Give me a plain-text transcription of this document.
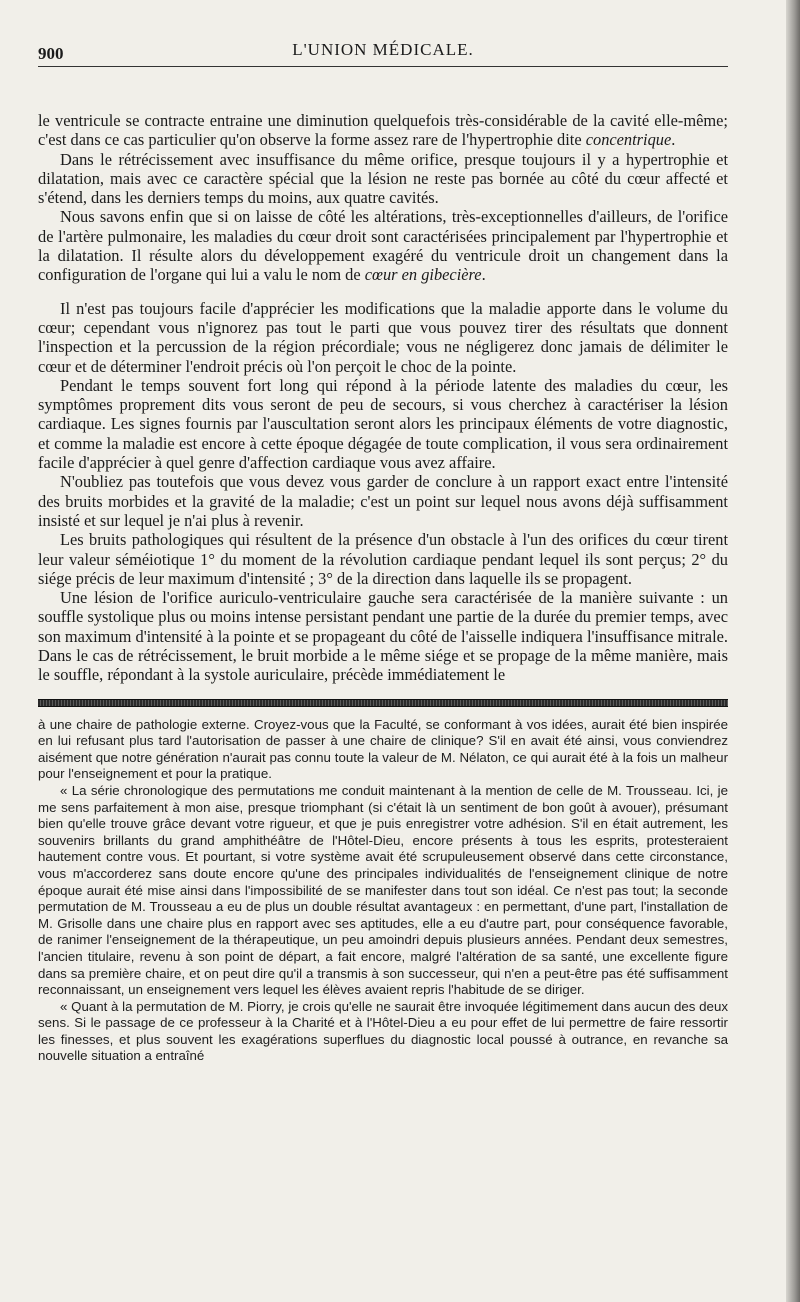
900	L'UNION MÉDICALE.

le ventricule se contracte entraine une diminution quelquefois très-considérable de la cavité elle-même; c'est dans ce cas particulier qu'on observe la forme assez rare de l'hypertrophie dite concentrique.

Dans le rétrécissement avec insuffisance du même orifice, presque toujours il y a hypertrophie et dilatation, mais avec ce caractère spécial que la lésion ne reste pas bornée au côté du cœur affecté et s'étend, dans les derniers temps du moins, aux quatre cavités.

Nous savons enfin que si on laisse de côté les altérations, très-exceptionnelles d'ailleurs, de l'orifice de l'artère pulmonaire, les maladies du cœur droit sont caractérisées principalement par l'hypertrophie et la dilatation. Il résulte alors du développement exagéré du ventricule droit un changement dans la configuration de l'organe qui lui a valu le nom de cœur en gibecière.

Il n'est pas toujours facile d'apprécier les modifications que la maladie apporte dans le volume du cœur; cependant vous n'ignorez pas tout le parti que vous pouvez tirer des résultats que donnent l'inspection et la percussion de la région précordiale; vous ne négligerez donc jamais de délimiter le cœur et de déterminer l'endroit précis où l'on perçoit le choc de la pointe.

Pendant le temps souvent fort long qui répond à la période latente des maladies du cœur, les symptômes proprement dits vous seront de peu de secours, si vous cherchez à caractériser la lésion cardiaque. Les signes fournis par l'auscultation seront alors les principaux éléments de votre diagnostic, et comme la maladie est encore à cette époque dégagée de toute complication, il vous sera ordinairement facile d'apprécier à quel genre d'affection cardiaque vous avez affaire.

N'oubliez pas toutefois que vous devez vous garder de conclure à un rapport exact entre l'intensité des bruits morbides et la gravité de la maladie; c'est un point sur lequel nous avons déjà suffisamment insisté et sur lequel je n'ai plus à revenir.

Les bruits pathologiques qui résultent de la présence d'un obstacle à l'un des orifices du cœur tirent leur valeur séméiotique 1° du moment de la révolution cardiaque pendant lequel ils sont perçus; 2° du siége précis de leur maximum d'intensité ; 3° de la direction dans laquelle ils se propagent.

Une lésion de l'orifice auriculo-ventriculaire gauche sera caractérisée de la manière suivante : un souffle systolique plus ou moins intense persistant pendant une partie de la durée du premier temps, avec son maximum d'intensité à la pointe et se propageant du côté de l'aisselle indiquera l'insuffisance mitrale. Dans le cas de rétrécissement, le bruit morbide a le même siége et se propage de la même manière, mais le souffle, répondant à la systole auriculaire, précède immédiatement le

à une chaire de pathologie externe. Croyez-vous que la Faculté, se conformant à vos idées, aurait été bien inspirée en lui refusant plus tard l'autorisation de passer à une chaire de clinique? S'il en avait été ainsi, vous conviendrez aisément que notre génération n'aurait pas connu toute la valeur de M. Nélaton, ce qui aurait été à la fois un malheur pour l'enseignement et pour la pratique.

« La série chronologique des permutations me conduit maintenant à la mention de celle de M. Trousseau. Ici, je me sens parfaitement à mon aise, presque triomphant (si c'était là un sentiment de bon goût à avouer), présumant bien qu'elle trouve grâce devant votre rigueur, et que je puis enregistrer votre adhésion. S'il en était autrement, les souvenirs brillants du grand amphithéâtre de l'Hôtel-Dieu, encore présents à tous les esprits, protesteraient hautement contre vous. Et pourtant, si votre système avait été scrupuleusement observé dans cette circonstance, vous m'accorderez sans doute encore qu'une des principales individualités de l'enseignement clinique de notre époque aurait été mise ainsi dans l'impossibilité de se manifester dans tout son idéal. Ce n'est pas tout; la seconde permutation de M. Trousseau a eu de plus un double résultat avantageux : en permettant, d'une part, l'installation de M. Grisolle dans une chaire plus en rapport avec ses aptitudes, elle a eu d'autre part, pour conséquence favorable, de ranimer l'enseignement de la thérapeutique, un peu amoindri depuis plusieurs années. Pendant deux semestres, l'ancien titulaire, revenu à son point de départ, a fait encore, malgré l'altération de sa santé, une excellente figure dans sa première chaire, et on peut dire qu'il a transmis à son successeur, qui n'en a peut-être pas été suffisamment reconnaissant, un enseignement vers lequel les élèves avaient repris l'habitude de se diriger.

« Quant à la permutation de M. Piorry, je crois qu'elle ne saurait être invoquée légitimement dans aucun des deux sens. Si le passage de ce professeur à la Charité et à l'Hôtel-Dieu a eu pour effet de lui permettre de faire ressortir les finesses, et plus souvent les exagérations superflues du diagnostic local poussé à outrance, en revanche sa nouvelle situation a entraîné
